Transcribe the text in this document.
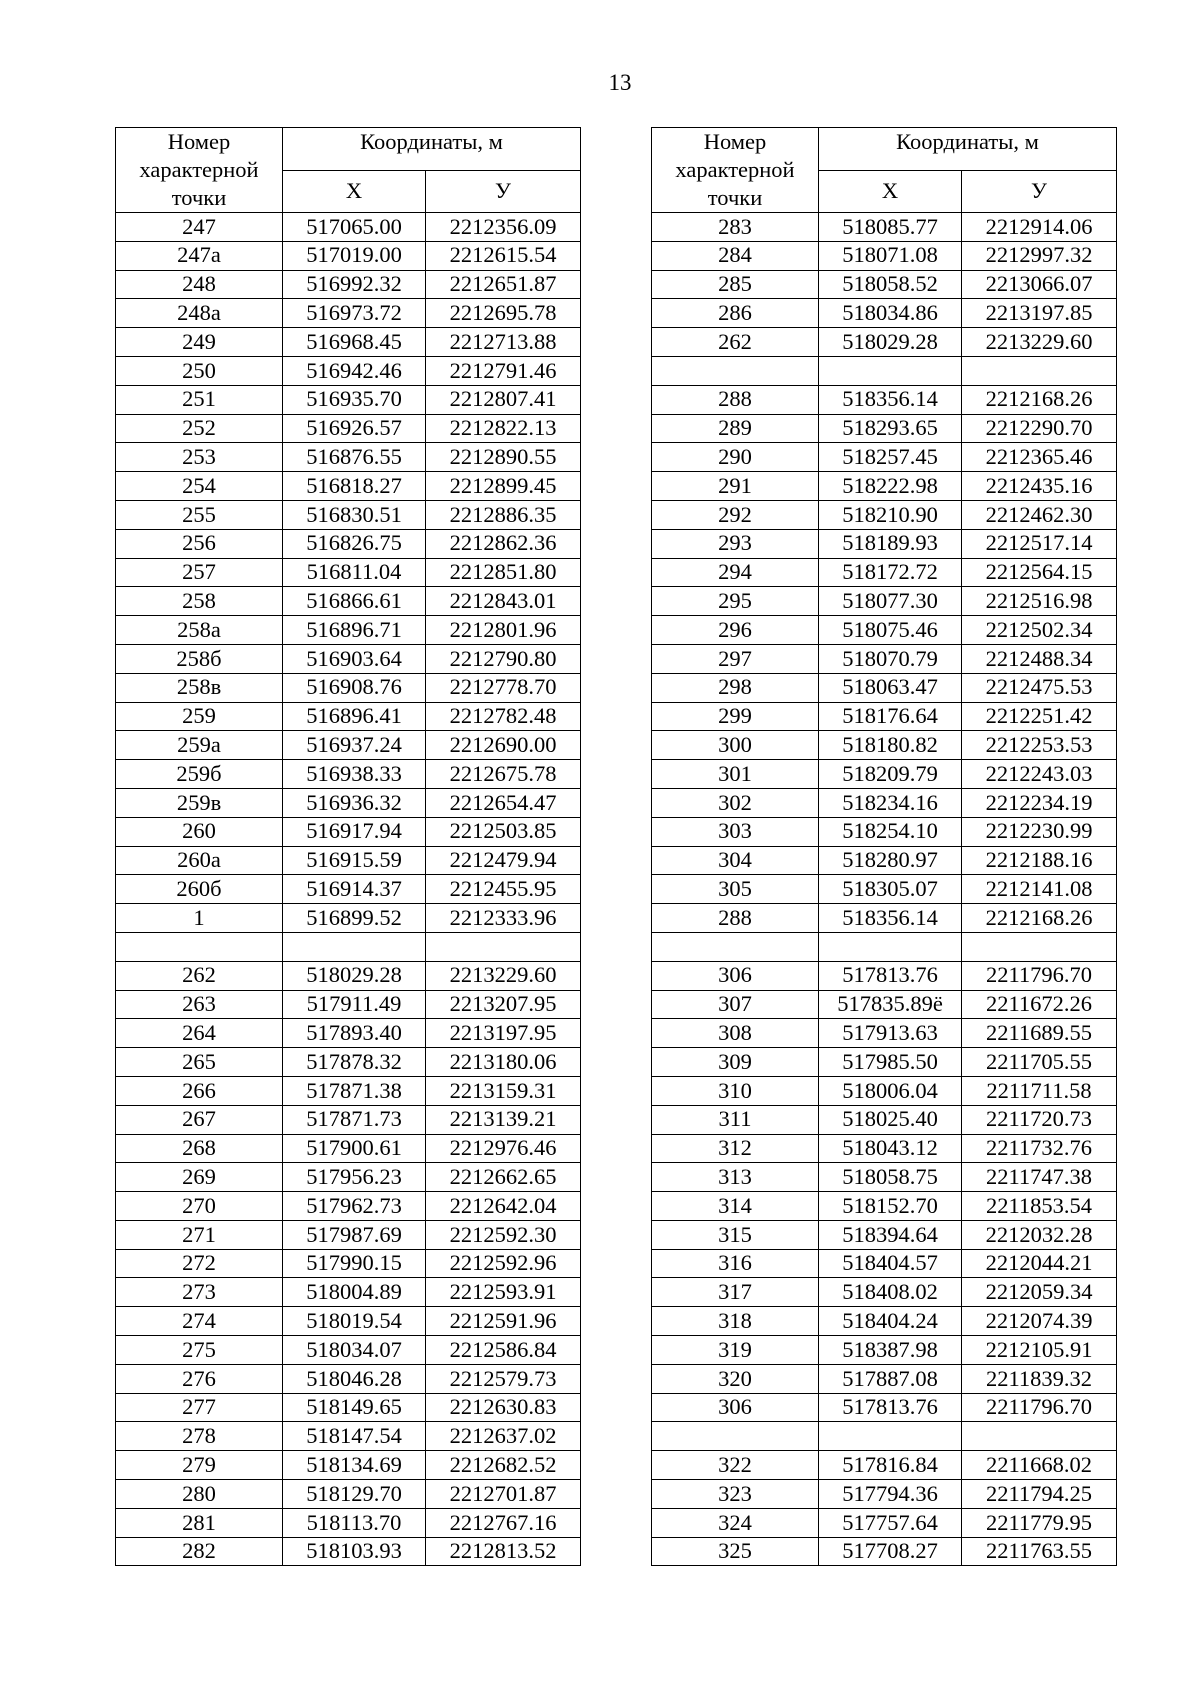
13
Номер
характерной
точки	Координаты, м	
	Х	У
247	517065.00	2212356.09
247а	517019.00	2212615.54
248	516992.32	2212651.87
248а	516973.72	2212695.78
249	516968.45	2212713.88
250	516942.46	2212791.46
251	516935.70	2212807.41
252	516926.57	2212822.13
253	516876.55	2212890.55
254	516818.27	2212899.45
255	516830.51	2212886.35
256	516826.75	2212862.36
257	516811.04	2212851.80
258	516866.61	2212843.01
258а	516896.71	2212801.96
258б	516903.64	2212790.80
258в	516908.76	2212778.70
259	516896.41	2212782.48
259а	516937.24	2212690.00
259б	516938.33	2212675.78
259в	516936.32	2212654.47
260	516917.94	2212503.85
260а	516915.59	2212479.94
260б	516914.37	2212455.95
1	516899.52	2212333.96

262	518029.28	2213229.60
263	517911.49	2213207.95
264	517893.40	2213197.95
265	517878.32	2213180.06
266	517871.38	2213159.31
267	517871.73	2213139.21
268	517900.61	2212976.46
269	517956.23	2212662.65
270	517962.73	2212642.04
271	517987.69	2212592.30
272	517990.15	2212592.96
273	518004.89	2212593.91
274	518019.54	2212591.96
275	518034.07	2212586.84
276	518046.28	2212579.73
277	518149.65	2212630.83
278	518147.54	2212637.02
279	518134.69	2212682.52
280	518129.70	2212701.87
281	518113.70	2212767.16
282	518103.93	2212813.52
Номер
характерной
точки	Координаты, м	
	Х	У
283	518085.77	2212914.06
284	518071.08	2212997.32
285	518058.52	2213066.07
286	518034.86	2213197.85
262	518029.28	2213229.60

288	518356.14	2212168.26
289	518293.65	2212290.70
290	518257.45	2212365.46
291	518222.98	2212435.16
292	518210.90	2212462.30
293	518189.93	2212517.14
294	518172.72	2212564.15
295	518077.30	2212516.98
296	518075.46	2212502.34
297	518070.79	2212488.34
298	518063.47	2212475.53
299	518176.64	2212251.42
300	518180.82	2212253.53
301	518209.79	2212243.03
302	518234.16	2212234.19
303	518254.10	2212230.99
304	518280.97	2212188.16
305	518305.07	2212141.08
288	518356.14	2212168.26

306	517813.76	2211796.70
307	517835.89ё	2211672.26
308	517913.63	2211689.55
309	517985.50	2211705.55
310	518006.04	2211711.58
311	518025.40	2211720.73
312	518043.12	2211732.76
313	518058.75	2211747.38
314	518152.70	2211853.54
315	518394.64	2212032.28
316	518404.57	2212044.21
317	518408.02	2212059.34
318	518404.24	2212074.39
319	518387.98	2212105.91
320	517887.08	2211839.32
306	517813.76	2211796.70

322	517816.84	2211668.02
323	517794.36	2211794.25
324	517757.64	2211779.95
325	517708.27	2211763.55
